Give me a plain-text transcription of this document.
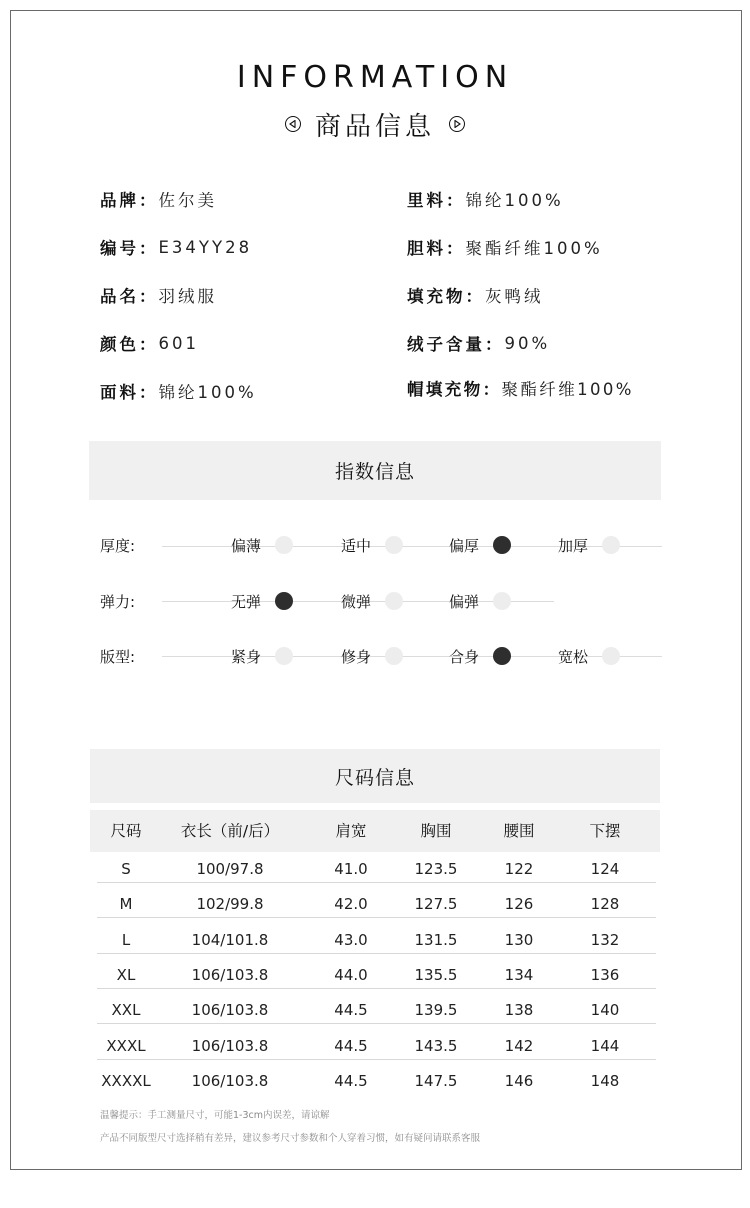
INFORMATION
商品信息
品牌： 佐尔美
编号： E34YY28
品名： 羽绒服
颜色： 601
面料： 锦纶100%
里料： 锦纶100%
胆料： 聚酯纤维100%
填充物： 灰鸭绒
绒子含量： 90%
帽填充物： 聚酯纤维100%
指数信息
厚度:	偏薄	适中	偏厚	加厚
弹力:	无弹	微弹	偏弹
版型:	紧身	修身	合身	宽松
尺码信息
尺码	衣长（前/后）	肩宽	胸围	腰围	下摆
S	100/97.8	41.0	123.5	122	124
M	102/99.8	42.0	127.5	126	128
L	104/101.8	43.0	131.5	130	132
XL	106/103.8	44.0	135.5	134	136
XXL	106/103.8	44.5	139.5	138	140
XXXL	106/103.8	44.5	143.5	142	144
XXXXL	106/103.8	44.5	147.5	146	148
温馨提示：手工测量尺寸，可能1-3cm内误差，请谅解
产品不同版型尺寸选择稍有差异，建议参考尺寸参数和个人穿着习惯，如有疑问请联系客服
